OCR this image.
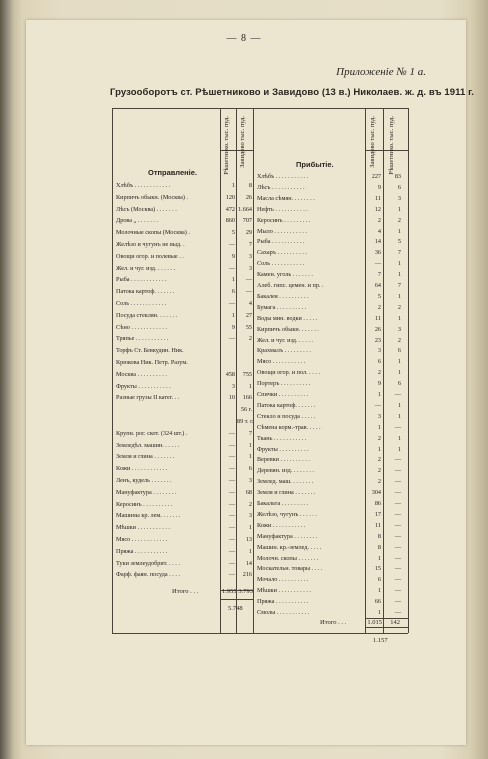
— 8 —
Приложеніе № 1 а.
Грузооборотъ ст. Рѣшетниково и Завидово (13 в.) Николаев. ж. д. въ 1911 г.
Рѣшетнико. тыс. пуд. Завидово тыс. пуд.	Завидово тыс. пуд. Рѣшетнико. тыс. пуд.
Отправленіе.
Прибытіе.
Хлѣбъ . . . . . . . . . . . .	1	8
Кирпичъ обыкн. (Москва) .	120	26
Лѣсъ (Москва) . . . . . . .	472 1.664
Дрова „ . . . . . . .	860	707
Молочные скопы (Москва) .	5	29
Желѣзо и чугунъ не выд. .	—	7
Овощи огор. и полевые . .	9	3
Жел. и чуг. изд. . . . . . .	—	3
Рыба . . . . . . . . . . . .	1	—
Патока картоф. . . . . . .	6	—
Соль . . . . . . . . . . . .	—	4
Посуда стеклян. . . . . . .	1	27
Сѣно . . . . . . . . . . . .	9	55
Тряпье . . . . . . . . . . .	—	2
Торфъ Ст. Бевкудин. Ник.
Крюкова Ник. Петр. Разум.
Москва . . . . . . . . . .	458	755
Фрукты . . . . . . . . . . .	3	1
Разные грузы II катег. . .	10	166
56 г.
89 т. г.
Крупн. рог. скот. (324 шт.) .	—	7
Земледѣл. машин. . . . . .	—	1
Земля и глина . . . . . . .	—	1
Кожи . . . . . . . . . . . .	—	6
Ленъ, кудель . . . . . . .	—	3
Мануфактура . . . . . . . .	—	68
Керосинъ . . . . . . . . . .	—	2
Машины кр. лем. . . . . . .	—	3
Мѣшки . . . . . . . . . . .	—	1
Мясо . . . . . . . . . . . .	—	13
Пряжа . . . . . . . . . . .	—	1
Туки землеудобрит. . . . .	—	14
Фарф. фаян. посуда . . . .	—	216
Хлѣбъ . . . . . . . . . . .	227	83
Лѣсъ . . . . . . . . . . .	9	6
Масла сѣмян. . . . . . . .	11	3
Нефть . . . . . . . . . . .	12	1
Керосинъ . . . . . . . . .	2	2
Мыло . . . . . . . . . . .	4	1
Рыба . . . . . . . . . . .	14	5
Сахаръ . . . . . . . . . .	36	7
Соль . . . . . . . . . . .	—	1
Камен. уголь . . . . . . .	7	1
Алеб. гипс. цемен. и пр. .	64	7
Бакалея . . . . . . . . . .	5	1
Бумага . . . . . . . . . .	2	2
Воды мин. водки . . . . .	11	1
Кирпичъ обыкн. . . . . . .	26	3
Жел. и чуг. изд. . . . . .	23	2
Крахмалъ . . . . . . . . .	3	6
Мясо . . . . . . . . . . .	6	1
Овощи огор. и пол. . . . .	2	1
Портеръ . . . . . . . . . .	9	6
Спички . . . . . . . . . .	1	—
Патока картоф. . . . . . .	—	1
Стекло и посуда . . . . .	3	1
Сѣмена корм.-трав. . . . .	1	—
Ткань . . . . . . . . . . .	2	1
Фрукты . . . . . . . . . .	1	1
Веревки . . . . . . . . . .	2	—
Деревян. изд. . . . . . . .	2	—
Землед. маш. . . . . . . .	2	—
Земля и глина . . . . . . .	304	—
Бакальта . . . . . . . . .	86	—
Желѣзо, чугунъ . . . . . .	17	—
Кожи . . . . . . . . . . .	11	—
Мануфактура . . . . . . . .	8	—
Машин. кр.-землед. . . . .	8	—
Молочн. скопы . . . . . . .	1	—
Москательн. товары . . . .	15	—
Мочало . . . . . . . . . .	6	—
Мѣшки . . . . . . . . . . .	1	—
Пряжа . . . . . . . . . . .	66	—
Смолы . . . . . . . . . . .	1	—
Итого . . .	1.955 3.793
5.748
Итого . . .	1.015	142
1.157
